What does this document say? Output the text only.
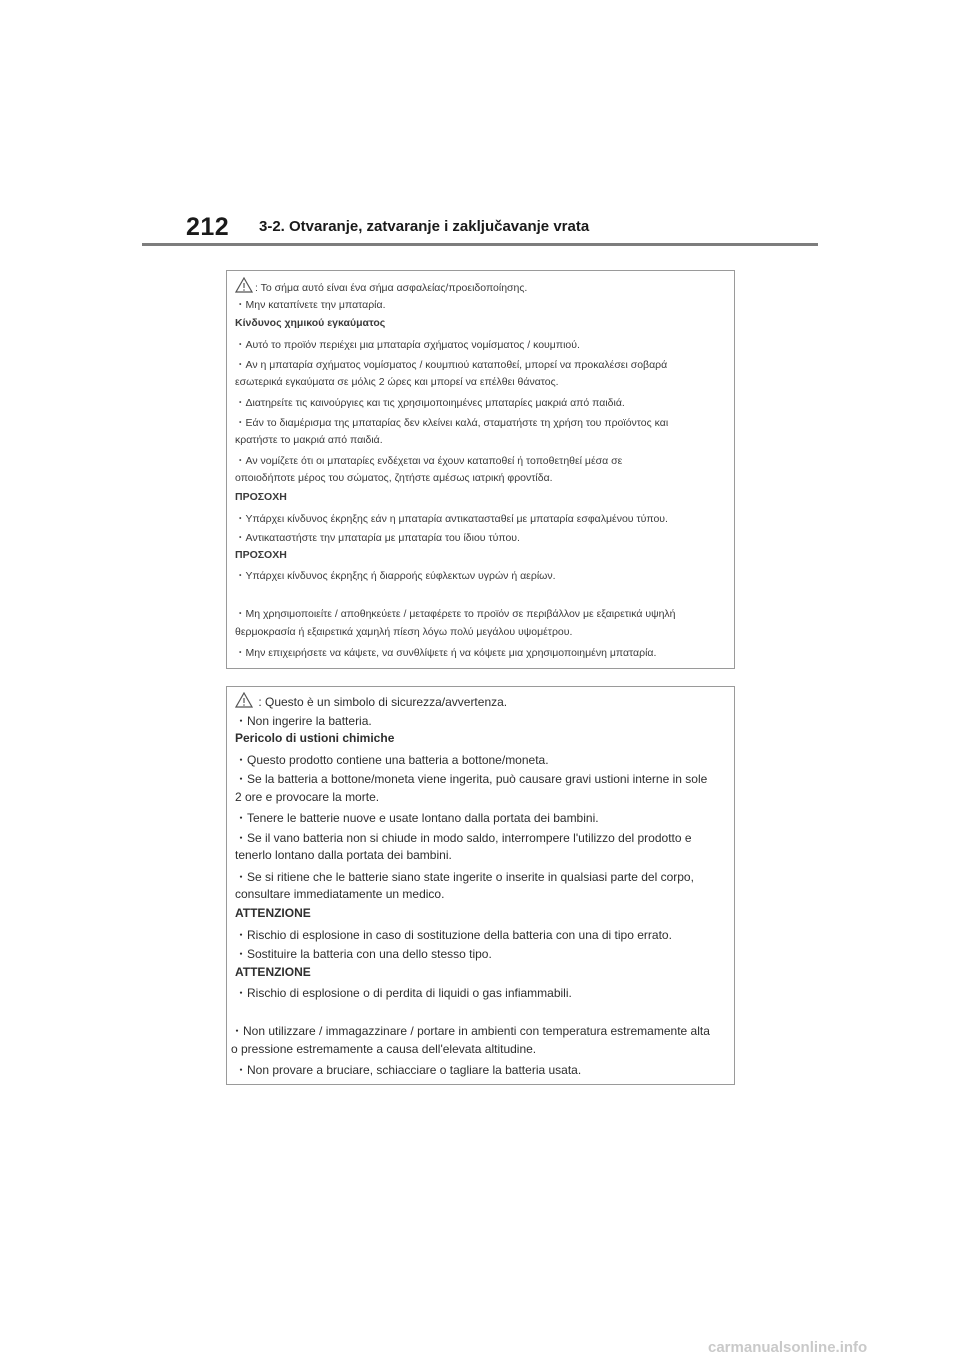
212 3-2. Otvaranje, zatvaranje i zaključavanje vrata
: Το σήμα αυτό είναι ένα σήμα ασφαλείας/προειδοποίησης.
・Μην καταπίνετε την μπαταρία.
Κίνδυνος χημικού εγκαύματος
・Αυτό το προϊόν περιέχει μια μπαταρία σχήματος νομίσματος / κουμπιού.
・Αν η μπαταρία σχήματος νομίσματος / κουμπιού καταποθεί, μπορεί να προκαλέσει σοβαρά
εσωτερικά εγκαύματα σε μόλις 2 ώρες και μπορεί να επέλθει θάνατος.
・Διατηρείτε τις καινούργιες και τις χρησιμοποιημένες μπαταρίες μακριά από παιδιά.
・Εάν το διαμέρισμα της μπαταρίας δεν κλείνει καλά, σταματήστε τη χρήση του προϊόντος και
κρατήστε το μακριά από παιδιά.
・Αν νομίζετε ότι οι μπαταρίες ενδέχεται να έχουν καταποθεί ή τοποθετηθεί μέσα σε
οποιοδήποτε μέρος του σώματος, ζητήστε αμέσως ιατρική φροντίδα.
ΠΡΟΣΟΧΗ
・Υπάρχει κίνδυνος έκρηξης εάν η μπαταρία αντικατασταθεί με μπαταρία εσφαλμένου τύπου.
・Αντικαταστήστε την μπαταρία με μπαταρία του ίδιου τύπου.
ΠΡΟΣΟΧΗ
・Υπάρχει κίνδυνος έκρηξης ή διαρροής εύφλεκτων υγρών ή αερίων.
・Μη χρησιμοποιείτε / αποθηκεύετε / μεταφέρετε το προϊόν σε περιβάλλον με εξαιρετικά υψηλή
θερμοκρασία ή εξαιρετικά χαμηλή πίεση λόγω πολύ μεγάλου υψομέτρου.
・Μην επιχειρήσετε να κάψετε, να συνθλίψετε ή να κόψετε μια χρησιμοποιημένη μπαταρία.
: Questo è un simbolo di sicurezza/avvertenza.
・Non ingerire la batteria.
Pericolo di ustioni chimiche
・Questo prodotto contiene una batteria a bottone/moneta.
・Se la batteria a bottone/moneta viene ingerita, può causare gravi ustioni interne in sole
2 ore e provocare la morte.
・Tenere le batterie nuove e usate lontano dalla portata dei bambini.
・Se il vano batteria non si chiude in modo saldo, interrompere l'utilizzo del prodotto e
tenerlo lontano dalla portata dei bambini.
・Se si ritiene che le batterie siano state ingerite o inserite in qualsiasi parte del corpo,
consultare immediatamente un medico.
ATTENZIONE
・Rischio di esplosione in caso di sostituzione della batteria con una di tipo errato.
・Sostituire la batteria con una dello stesso tipo.
ATTENZIONE
・Rischio di esplosione o di perdita di liquidi o gas infiammabili.
・Non utilizzare / immagazzinare / portare in ambienti con temperatura estremamente alta
o pressione estremamente a causa dell'elevata altitudine.
・Non provare a bruciare, schiacciare o tagliare la batteria usata.
carmanualsonline.info
